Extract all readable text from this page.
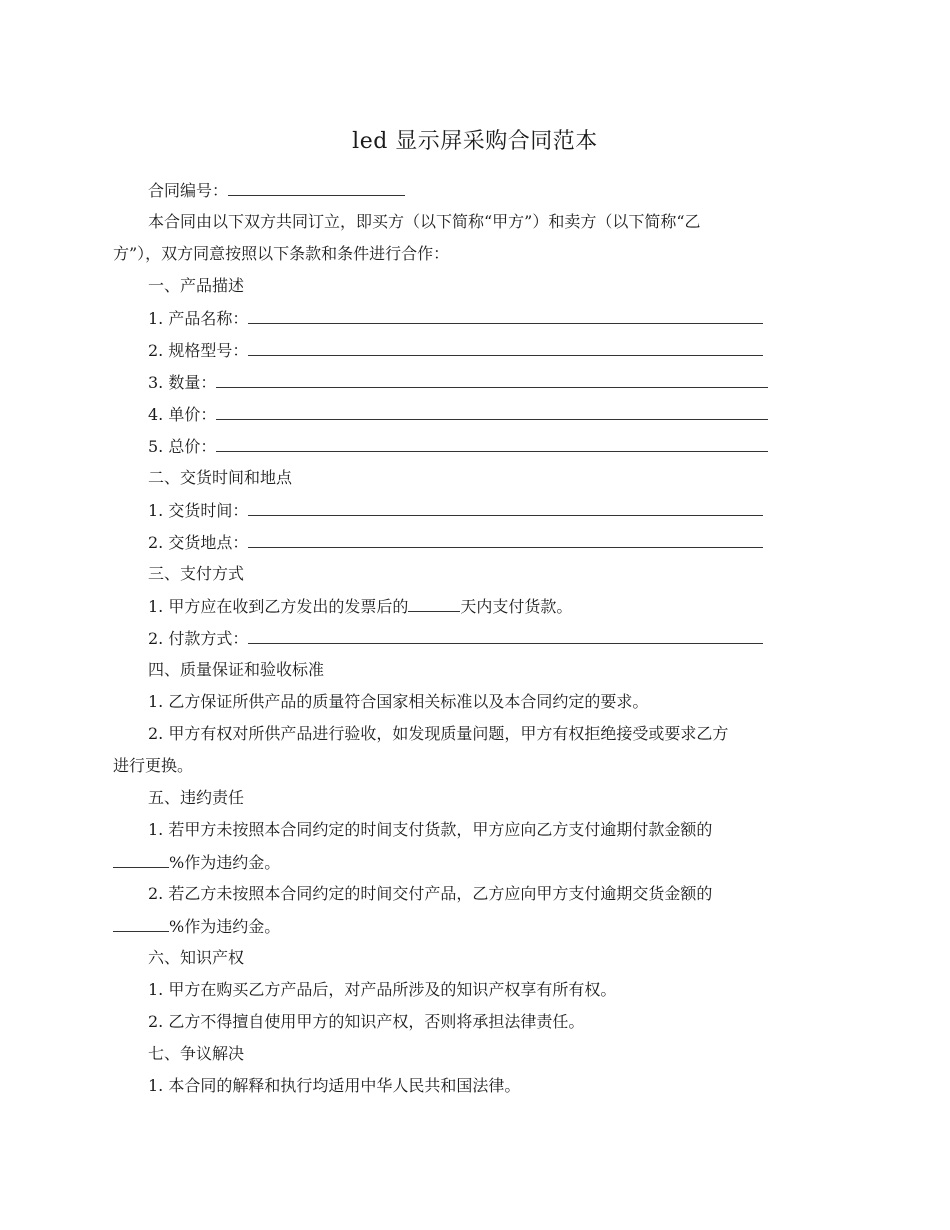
led 显示屏采购合同范本
合同编号：
本合同由以下双方共同订立，即买方（以下简称“甲方”）和卖方（以下简称“乙
方”），双方同意按照以下条款和条件进行合作：
一、产品描述
1. 产品名称：
2. 规格型号：
3. 数量：
4. 单价：
5. 总价：
二、交货时间和地点
1. 交货时间：
2. 交货地点：
三、支付方式
1. 甲方应在收到乙方发出的发票后的	天内支付货款。
2. 付款方式：
四、质量保证和验收标准
1. 乙方保证所供产品的质量符合国家相关标准以及本合同约定的要求。
2. 甲方有权对所供产品进行验收，如发现质量问题，甲方有权拒绝接受或要求乙方
进行更换。
五、违约责任
1. 若甲方未按照本合同约定的时间支付货款，甲方应向乙方支付逾期付款金额的
%作为违约金。
2. 若乙方未按照本合同约定的时间交付产品，乙方应向甲方支付逾期交货金额的
%作为违约金。
六、知识产权
1. 甲方在购买乙方产品后，对产品所涉及的知识产权享有所有权。
2. 乙方不得擅自使用甲方的知识产权，否则将承担法律责任。
七、争议解决
1. 本合同的解释和执行均适用中华人民共和国法律。
